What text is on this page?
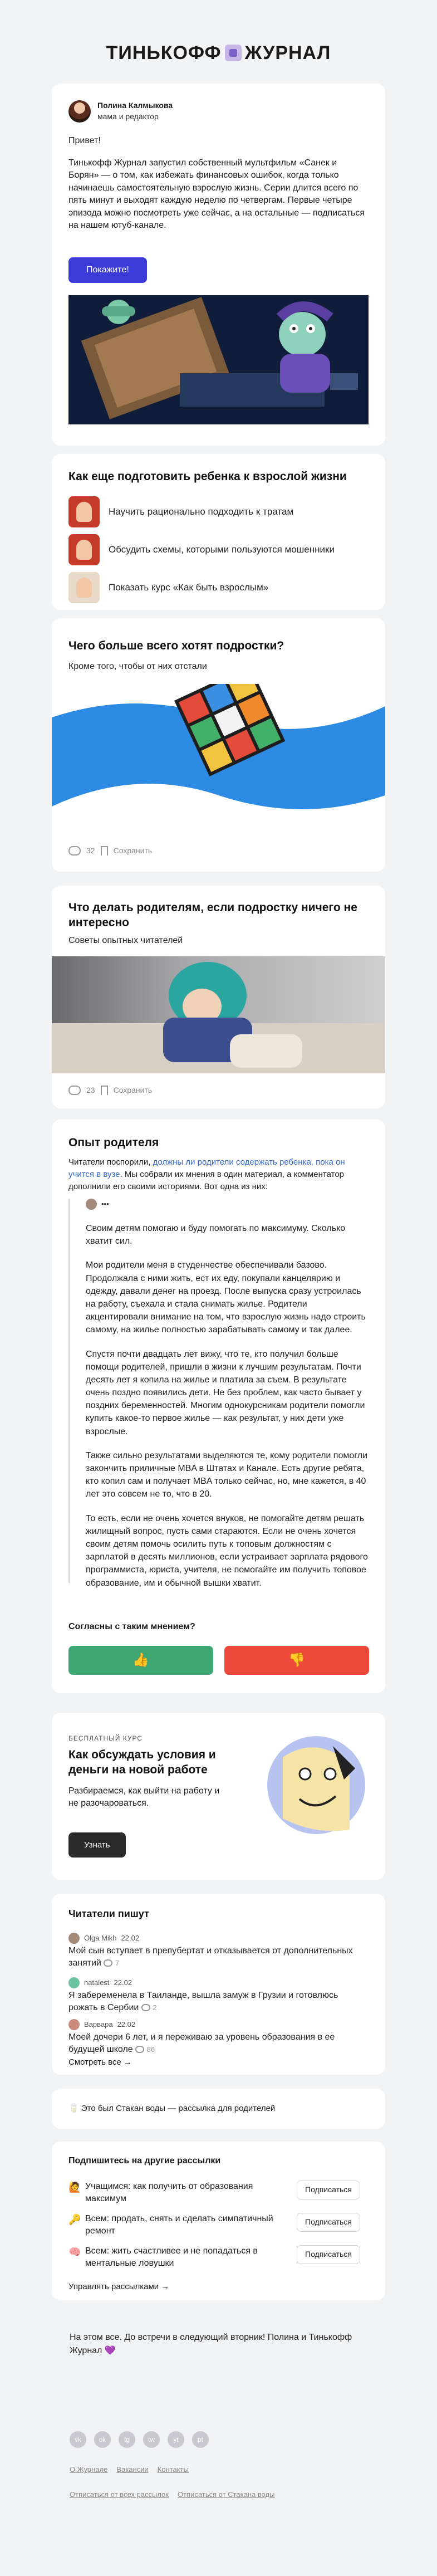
ТИНЬКОФФ ЖУРНАЛ
Полина Калмыкова
мама и редактор
Привет!
Тинькофф Журнал запустил собственный мультфильм «Санек и Борян» — о том, как избежать финансовых ошибок, когда только начинаешь самостоятельную взрослую жизнь. Серии длится всего по пять минут и выходят каждую неделю по четвергам. Первые четыре эпизода можно посмотреть уже сейчас, а на остальные — подписаться на нашем ютуб-канале.
Покажите!
Как еще подготовить ребенка к взрослой жизни
Научить рационально подходить к тратам
Обсудить схемы, которыми пользуются мошенники
Показать курс «Как быть взрослым»
Чего больше всего хотят подростки?
Кроме того, чтобы от них отстали
32 Сохранить
Что делать родителям, если подростку ничего не интересно
Советы опытных читателей
23 Сохранить
Опыт родителя
Читатели поспорили, должны ли родители содержать ребенка, пока он учится в вузе. Мы собрали их мнения в один материал, а комментатор дополнили его своими историями. Вот одна из них:
•••

Своим детям помогаю и буду помогать по максимуму. Сколько хватит сил.

Мои родители меня в студенчестве обеспечивали базово. Продолжала с ними жить, ест их еду, покупали канцелярию и одежду, давали денег на проезд. После выпуска сразу устроилась на работу, съехала и стала снимать жилье. Родители акцентировали внимание на том, что взрослую жизнь надо строить самому, на жилье полностью зарабатывать самому и так далее.

Спустя почти двадцать лет вижу, что те, кто получил больше помощи родителей, пришли в жизни к лучшим результатам. Почти десять лет я копила на жилье и платила за съем. В результате очень поздно появились дети. Не без проблем, как часто бывает у поздних беременностей. Многим однокурсникам родители помогли купить какое-то первое жилье — как результат, у них дети уже взрослые.

Также сильно результатами выделяются те, кому родители помогли закончить приличные MBA в Штатах и Канале. Есть другие ребята, кто копил сам и получает MBA только сейчас, но, мне кажется, в 40 лет это совсем не то, что в 20.

То есть, если не очень хочется внуков, не помогайте детям решать жилищный вопрос, пусть сами стараются. Если не очень хочется своим детям помочь осилить путь к топовым должностям с зарплатой в десять миллионов, если устраивает зарплата рядового программиста, юриста, учителя, не помогайте им получить топовое образование, им и обычной вышки хватит.

Согласны с таким мнением?
👍	👎
БЕСПЛАТНЫЙ КУРС
Как обсуждать условия и деньги на новой работе
Разбираемся, как выйти на работу и не разочароваться.
Узнать
Читатели пишут
Olga Mikh 22.02
Мой сын вступает в препубертат и отказывается от дополнительных занятий 7
natalest 22.02
Я забеременела в Таиланде, вышла замуж в Грузии и готовлюсь рожать в Сербии 2
Варвара 22.02
Моей дочери 6 лет, и я переживаю за уровень образования в ее будущей школе 86
Смотреть все →
🥛 Это был Стакан воды — рассылка для родителей
Подпишитесь на другие рассылки
🙋 Учащимся: как получить от образования максимум
Подписаться
🔑 Всем: продать, снять и сделать симпатичный ремонт
Подписаться
🧠 Всем: жить счастливее и не попадаться в ментальные ловушки
Подписаться
Управлять рассылками →
На этом все. До встречи в следующий вторник! Полина и Тинькофф Журнал 💜
vk	ok	tg	tw	yt	pt
О Журнале Вакансии Контакты
Отписаться от всех рассылок Отписаться от Стакана воды
